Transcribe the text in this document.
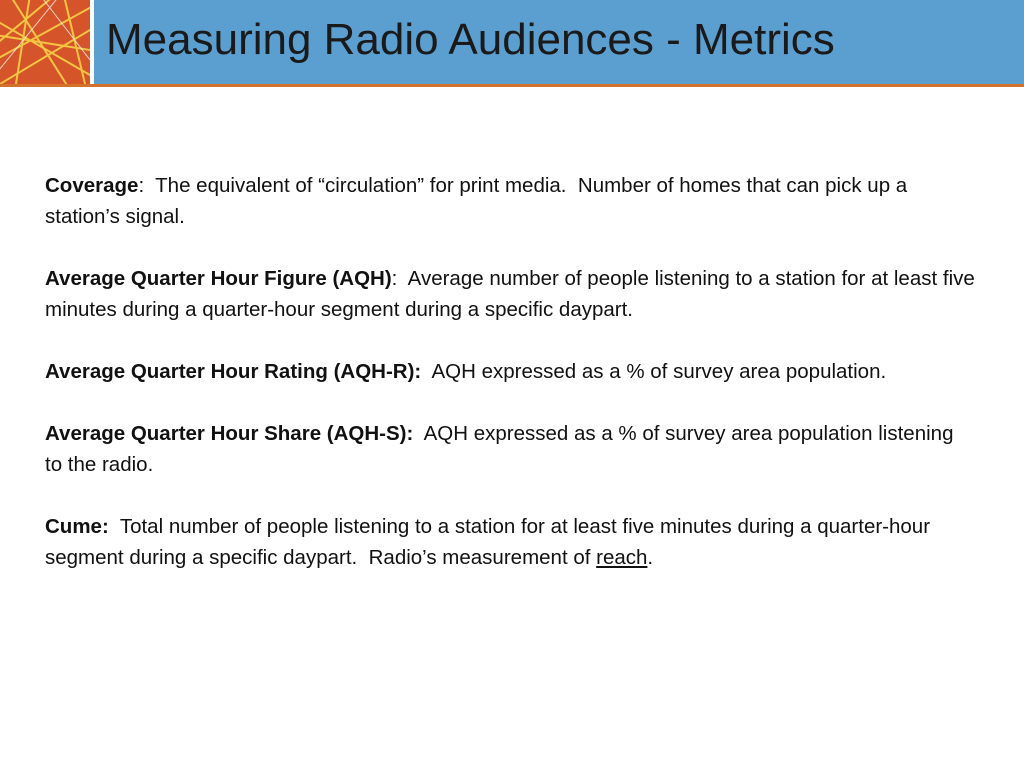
Measuring Radio Audiences - Metrics

Coverage:  The equivalent of “circulation” for print media.  Number of homes that can pick up a station’s signal.

Average Quarter Hour Figure (AQH):  Average number of people listening to a station for at least five minutes during a quarter-hour segment during a specific daypart.

Average Quarter Hour Rating (AQH-R):  AQH expressed as a % of survey area population.

Average Quarter Hour Share (AQH-S):  AQH expressed as a % of survey area population listening to the radio.

Cume:  Total number of people listening to a station for at least five minutes during a quarter-hour segment during a specific daypart.  Radio’s measurement of reach.
